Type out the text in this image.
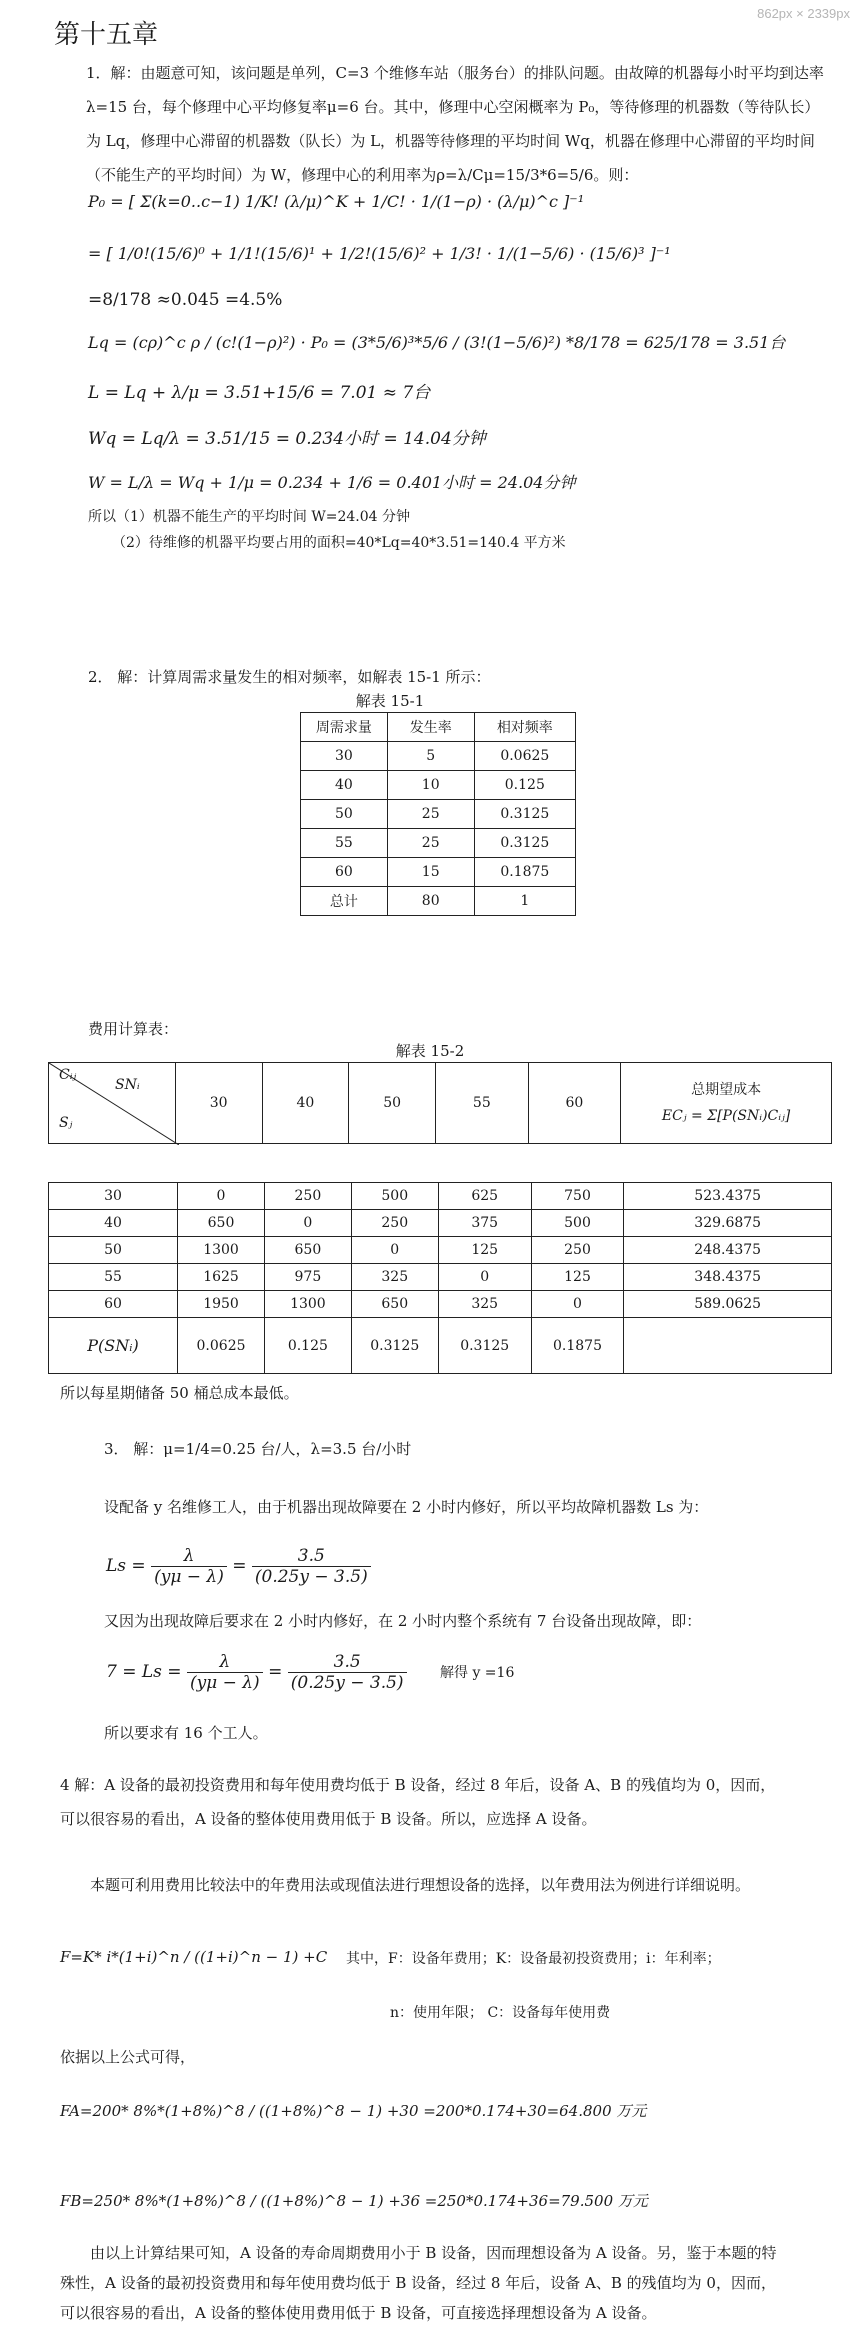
862px × 2339px
第十五章
1．解：由题意可知，该问题是单列，C=3 个维修车站（服务台）的排队问题。由故障的机器每小时平均到达率λ=15 台，每个修理中心平均修复率μ=6 台。其中，修理中心空闲概率为 P₀，等待修理的机器数（等待队长）为 Lq，修理中心滞留的机器数（队长）为 L，机器等待修理的平均时间 Wq，机器在修理中心滞留的平均时间（不能生产的平均时间）为 W，修理中心的利用率为ρ=λ/Cμ=15/3*6=5/6。则：
P₀ = [ Σ(k=0..c−1) 1/K! (λ/μ)^K + 1/C! · 1/(1−ρ) · (λ/μ)^c ]⁻¹
= [ 1/0!(15/6)⁰ + 1/1!(15/6)¹ + 1/2!(15/6)² + 1/3! · 1/(1−5/6) · (15/6)³ ]⁻¹
=8/178 ≈0.045 =4.5%
Lq = (cρ)^c ρ / (c!(1−ρ)²) · P₀ = (3*5/6)³*5/6 / (3!(1−5/6)²) *8/178 = 625/178 = 3.51台
L = Lq + λ/μ = 3.51+15/6 = 7.01 ≈ 7台
Wq = Lq/λ = 3.51/15 = 0.234小时 = 14.04分钟
W = L/λ = Wq + 1/μ = 0.234 + 1/6 = 0.401小时 = 24.04分钟
所以（1）机器不能生产的平均时间 W=24.04 分钟
（2）待维修的机器平均要占用的面积=40*Lq=40*3.51=140.4 平方米
2． 解：计算周需求量发生的相对频率，如解表 15-1 所示：
解表 15-1
周需求量	发生率	相对频率
30	5	0.0625
40	10	0.125
50	25	0.3125
55	25	0.3125
60	15	0.1875
总计	80	1
费用计算表：
解表 15-2
Cᵢⱼ
SNᵢ
Sⱼ
	30	40	50	55	60	
总期望成本
ECⱼ = Σ[P(SNᵢ)Cᵢⱼ]
30	0	250	500	625	750	523.4375
40	650	0	250	375	500	329.6875
50	1300	650	0	125	250	248.4375
55	1625	975	325	0	125	348.4375
60	1950	1300	650	325	0	589.0625
P(SNᵢ)	0.0625	0.125	0.3125	0.3125	0.1875	
所以每星期储备 50 桶总成本最低。
3． 解：μ=1/4=0.25 台/人，λ=3.5 台/小时
设配备 y 名维修工人，由于机器出现故障要在 2 小时内修好，所以平均故障机器数 Ls 为：
$Ls = \frac{\lambda}{(y\mu - \lambda)} = \frac{3.5}{(0.25y - 3.5)}$
又因为出现故障后要求在 2 小时内修好，在 2 小时内整个系统有 7 台设备出现故障，即：
$7 = Ls = \frac{\lambda}{(y\mu - \lambda)} = \frac{3.5}{(0.25y - 3.5)}$ 解得 y =16
所以要求有 16 个工人。
4 解：A 设备的最初投资费用和每年使用费均低于 B 设备，经过 8 年后，设备 A、B 的残值均为 0，因而，可以很容易的看出，A 设备的整体使用费用低于 B 设备。所以，应选择 A 设备。
本题可利用费用比较法中的年费用法或现值法进行理想设备的选择，以年费用法为例进行详细说明。
F=K* i*(1+i)^n / ((1+i)^n − 1) +C 其中，F：设备年费用；K：设备最初投资费用；i：年利率；
n：使用年限； C：设备每年使用费
依据以上公式可得，
FA=200* 8%*(1+8%)^8 / ((1+8%)^8 − 1) +30 =200*0.174+30=64.800 万元
FB=250* 8%*(1+8%)^8 / ((1+8%)^8 − 1) +36 =250*0.174+36=79.500 万元
由以上计算结果可知，A 设备的寿命周期费用小于 B 设备，因而理想设备为 A 设备。另，鉴于本题的特殊性，A 设备的最初投资费用和每年使用费均低于 B 设备，经过 8 年后，设备 A、B 的残值均为 0，因而，可以很容易的看出，A 设备的整体使用费用低于 B 设备，可直接选择理想设备为 A 设备。
